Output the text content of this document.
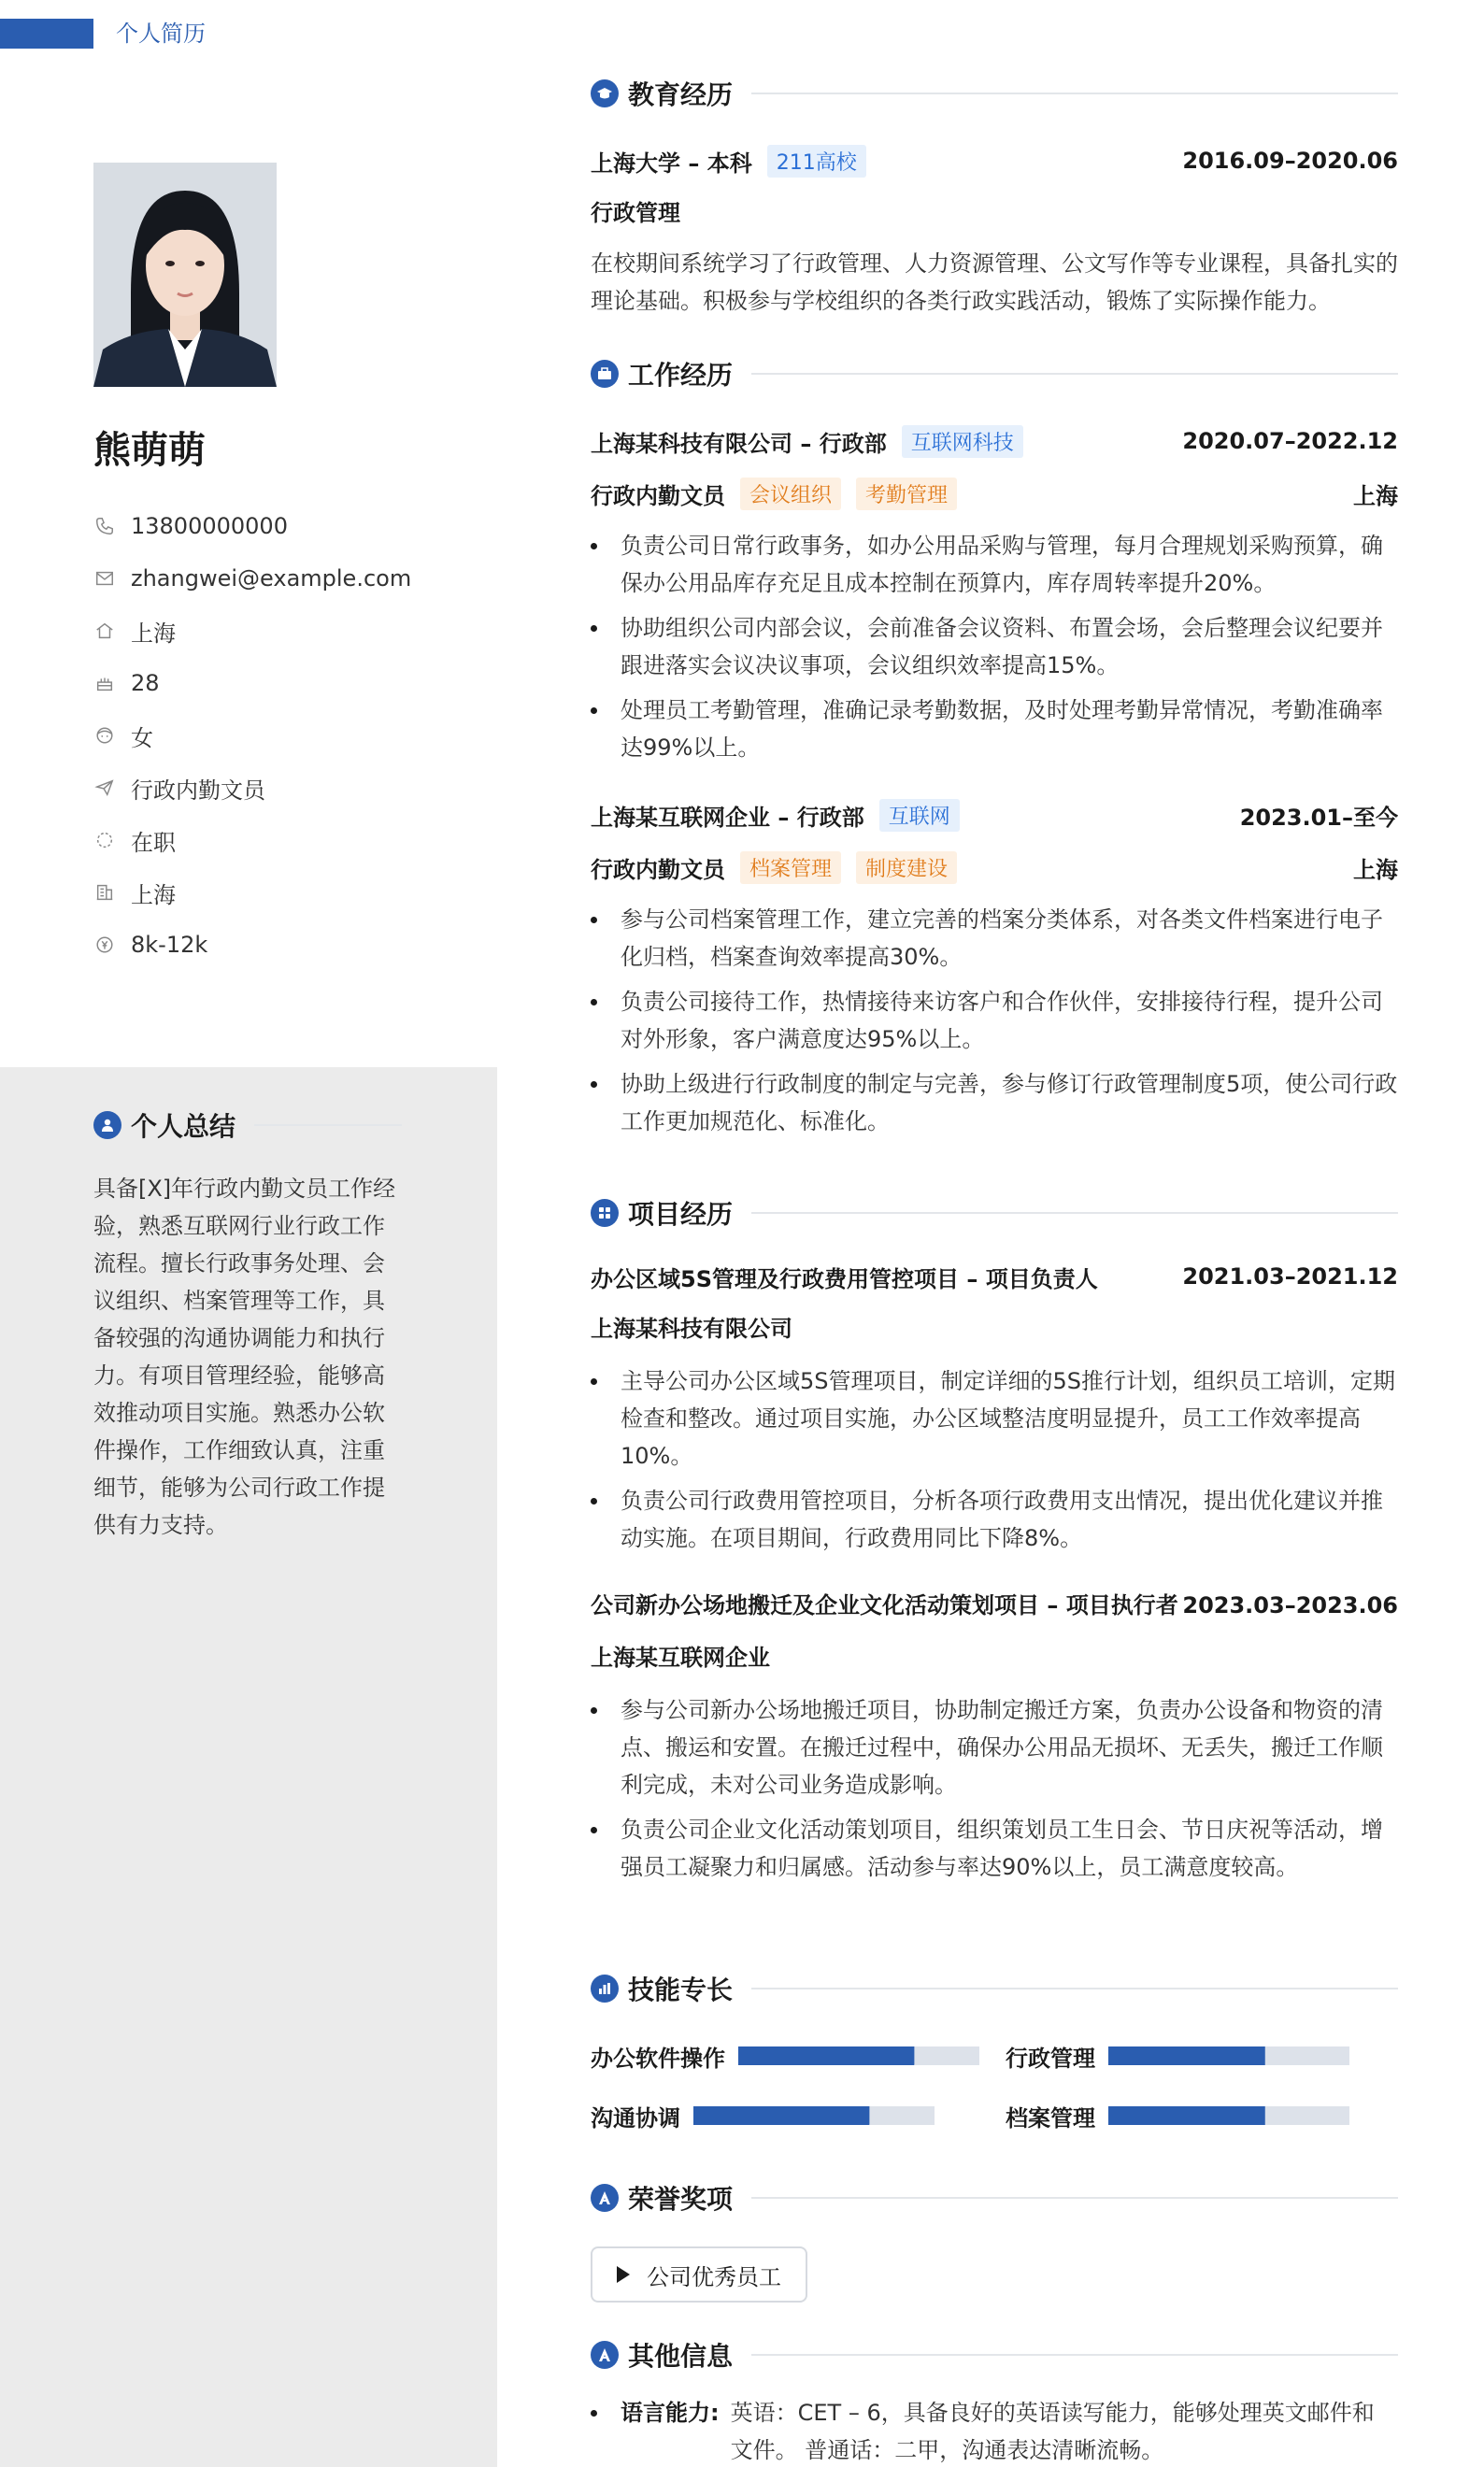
个人简历
熊萌萌
13800000000
zhangwei@example.com
上海
28
女
行政内勤文员
在职
上海
8k-12k
个人总结
具备[X]年行政内勤文员工作经验，熟悉互联网行业行政工作流程。擅长行政事务处理、会议组织、档案管理等工作，具备较强的沟通协调能力和执行力。有项目管理经验，能够高效推动项目实施。熟悉办公软件操作，工作细致认真，注重细节，能够为公司行政工作提供有力支持。
教育经历
上海大学 – 本科	211高校	2016.09–2020.06
行政管理
在校期间系统学习了行政管理、人力资源管理、公文写作等专业课程，具备扎实的理论基础。积极参与学校组织的各类行政实践活动，锻炼了实际操作能力。
工作经历
上海某科技有限公司 – 行政部	互联网科技	2020.07–2022.12
行政内勤文员	会议组织	考勤管理	上海
负责公司日常行政事务，如办公用品采购与管理，每月合理规划采购预算，确保办公用品库存充足且成本控制在预算内，库存周转率提升20%。
协助组织公司内部会议，会前准备会议资料、布置会场，会后整理会议纪要并跟进落实会议决议事项，会议组织效率提高15%。
处理员工考勤管理，准确记录考勤数据，及时处理考勤异常情况，考勤准确率达99%以上。
上海某互联网企业 – 行政部	互联网	2023.01–至今
行政内勤文员	档案管理	制度建设	上海
参与公司档案管理工作，建立完善的档案分类体系，对各类文件档案进行电子化归档，档案查询效率提高30%。
负责公司接待工作，热情接待来访客户和合作伙伴，安排接待行程，提升公司对外形象，客户满意度达95%以上。
协助上级进行行政制度的制定与完善，参与修订行政管理制度5项，使公司行政工作更加规范化、标准化。
项目经历
办公区域5S管理及行政费用管控项目 – 项目负责人	2021.03–2021.12
上海某科技有限公司
主导公司办公区域5S管理项目，制定详细的5S推行计划，组织员工培训，定期检查和整改。通过项目实施，办公区域整洁度明显提升，员工工作效率提高10%。
负责公司行政费用管控项目，分析各项行政费用支出情况，提出优化建议并推动实施。在项目期间，行政费用同比下降8%。
公司新办公场地搬迁及企业文化活动策划项目 – 项目执行者 2023.03–2023.06
上海某互联网企业
参与公司新办公场地搬迁项目，协助制定搬迁方案，负责办公设备和物资的清点、搬运和安置。在搬迁过程中，确保办公用品无损坏、无丢失，搬迁工作顺利完成，未对公司业务造成影响。
负责公司企业文化活动策划项目，组织策划员工生日会、节日庆祝等活动，增强员工凝聚力和归属感。活动参与率达90%以上，员工满意度较高。
技能专长
办公软件操作	行政管理
沟通协调	档案管理
荣誉奖项
公司优秀员工
其他信息
语言能力: 英语：CET – 6，具备良好的英语读写能力，能够处理英文邮件和
文件。 普通话：二甲，沟通表达清晰流畅。
